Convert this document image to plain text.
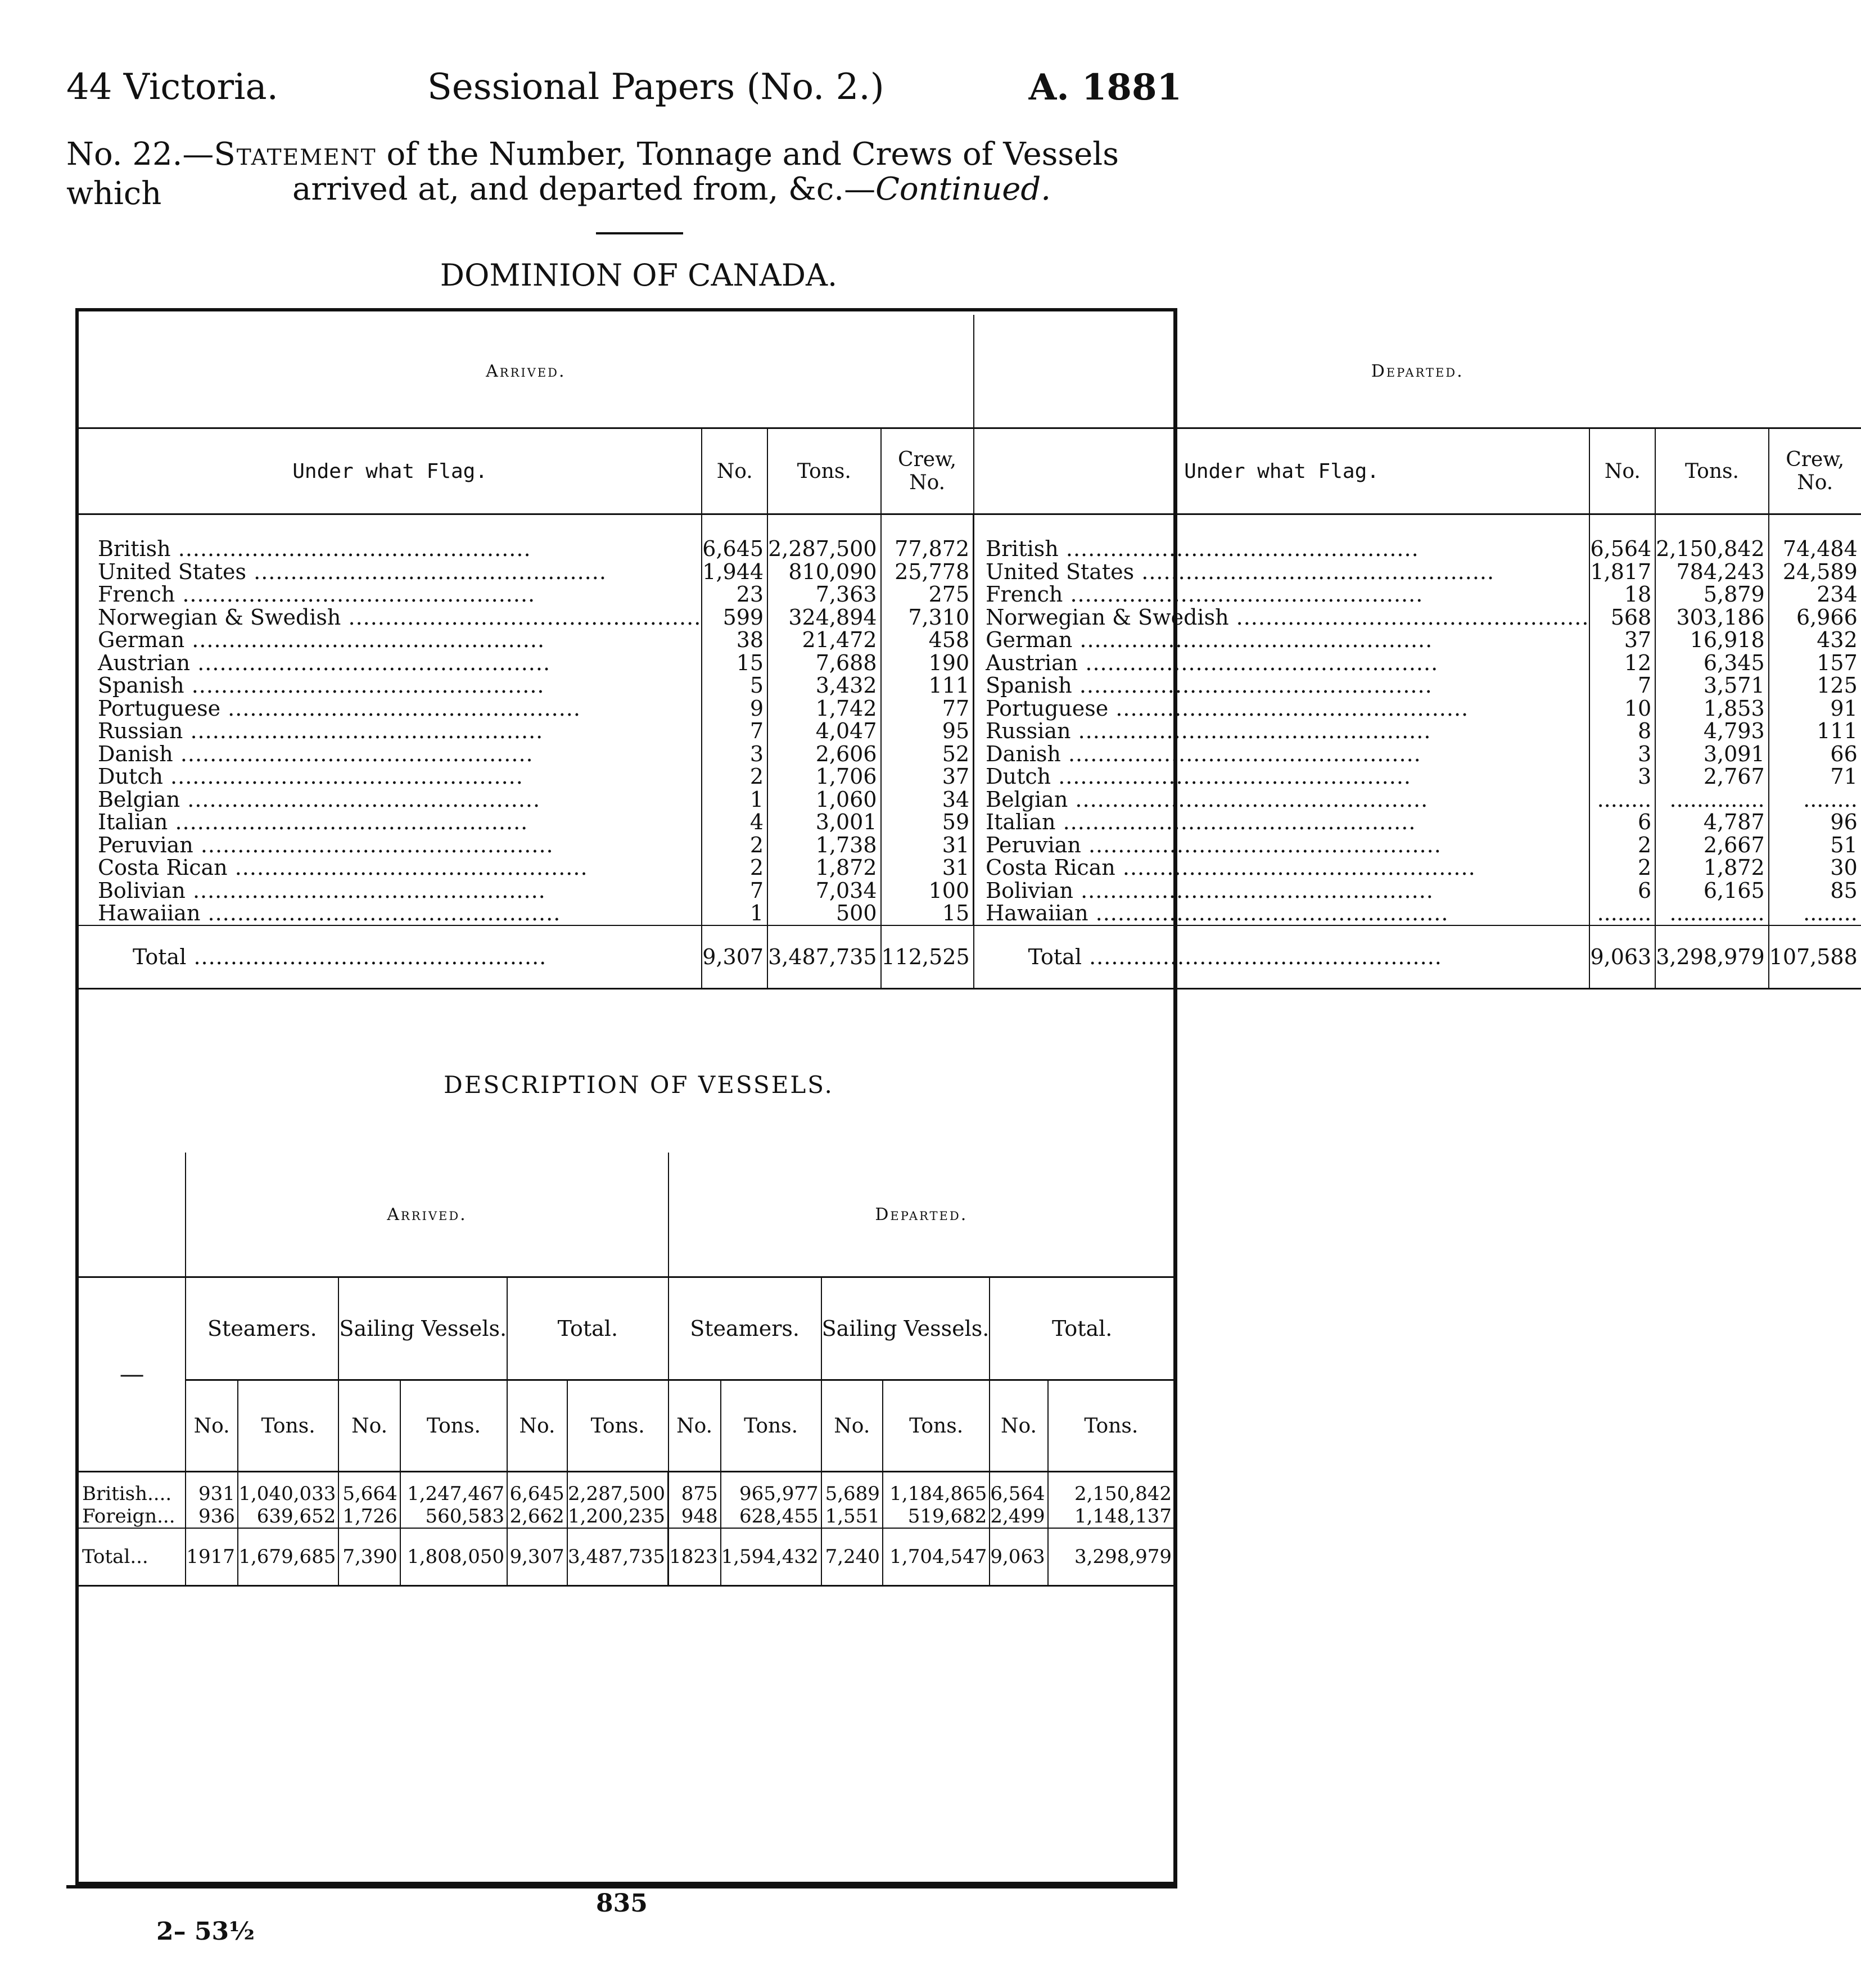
44 Victoria.	Sessional Papers (No. 2.)	A. 1881
No. 22.—Statement of the Number, Tonnage and Crews of Vessels which	arrived at, and departed from, &c.—Continued.
DOMINION OF CANADA.
Arrived.				Departed.			
Under what Flag.	No.	Tons.	Crew, No.	Under what Flag.	No.	Tons.	Crew, No.
British .....	6,645	2,287,500	77,872	British .....	6,564	2,150,842	74,484
United States .....	1,944	810,090	25,778	United States .....	1,817	784,243	24,589
French .....	23	7,363	275	French .....	18	5,879	234
Norwegian & Swedish .....	599	324,894	7,310	Norwegian & Swedish .....	568	303,186	6,966
German .....	38	21,472	458	German .....	37	16,918	432
Austrian .....	15	7,688	190	Austrian .....	12	6,345	157
Spanish .....	5	3,432	111	Spanish .....	7	3,571	125
Portuguese .....	9	1,742	77	Portuguese .....	10	1,853	91
Russian .....	7	4,047	95	Russian .....	8	4,793	111
Danish .....	3	2,606	52	Danish .....	3	3,091	66
Dutch .....	2	1,706	37	Dutch .....	3	2,767	71
Belgian .....	1	1,060	34	Belgian .....	........	..............	........
Italian .....	4	3,001	59	Italian .....	6	4,787	96
Peruvian .....	2	1,738	31	Peruvian .....	2	2,667	51
Costa Rican .....	2	1,872	31	Costa Rican .....	2	1,872	30
Bolivian .....	7	7,034	100	Bolivian .....	6	6,165	85
Hawaiian .....	1	500	15	Hawaiian .....	........	..............	........
Total .....	9,307	3,487,735	112,525	Total .....	9,063	3,298,979	107,588
DESCRIPTION OF VESSELS.
	Arrived.						Departed.					
—	Steamers.		Sailing Vessels.		Total.		Steamers.		Sailing Vessels.		Total.	
	No.	Tons.	No.	Tons.	No.	Tons.	No.	Tons.	No.	Tons.	No.	Tons.
British....	931	1,040,033	5,664	1,247,467	6,645	2,287,500	875	965,977	5,689	1,184,865	6,564	2,150,842
Foreign...	936	639,652	1,726	560,583	2,662	1,200,235	948	628,455	1,551	519,682	2,499	1,148,137
Total...	1917	1,679,685	7,390	1,808,050	9,307	3,487,735	1823	1,594,432	7,240	1,704,547	9,063	3,298,979
835
2– 53½
